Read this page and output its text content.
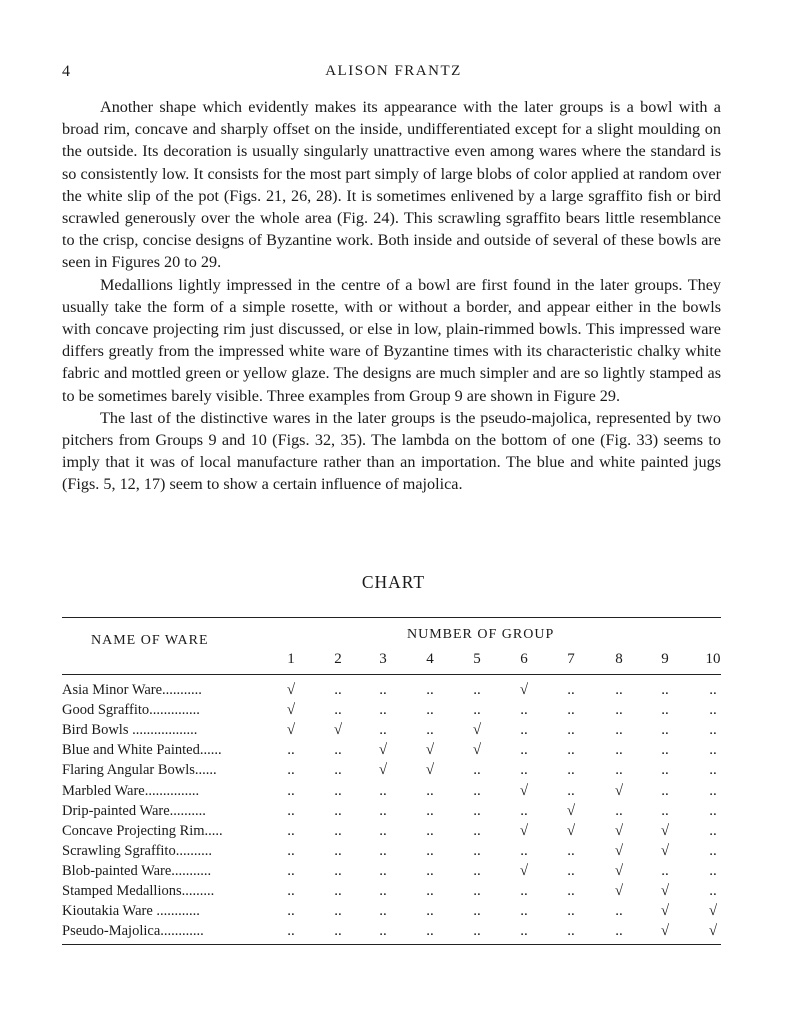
4	ALISON FRANTZ

Another shape which evidently makes its appearance with the later groups is a bowl with a broad rim, concave and sharply offset on the inside, undifferentiated except for a slight moulding on the outside. Its decoration is usually singularly unattractive even among wares where the standard is so consistently low. It consists for the most part simply of large blobs of color applied at random over the white slip of the pot (Figs. 21, 26, 28). It is sometimes enlivened by a large sgraffito fish or bird scrawled generously over the whole area (Fig. 24). This scrawling sgraffito bears little resemblance to the crisp, concise designs of Byzantine work. Both inside and outside of several of these bowls are seen in Figures 20 to 29.

Medallions lightly impressed in the centre of a bowl are first found in the later groups. They usually take the form of a simple rosette, with or without a border, and appear either in the bowls with concave projecting rim just discussed, or else in low, plain-rimmed bowls. This impressed ware differs greatly from the impressed white ware of Byzantine times with its characteristic chalky white fabric and mottled green or yellow glaze. The designs are much simpler and are so lightly stamped as to be sometimes barely visible. Three examples from Group 9 are shown in Figure 29.

The last of the distinctive wares in the later groups is the pseudo-majolica, represented by two pitchers from Groups 9 and 10 (Figs. 32, 35). The lambda on the bottom of one (Fig. 33) seems to imply that it was of local manufacture rather than an importation. The blue and white painted jugs (Figs. 5, 12, 17) seem to show a certain influence of majolica.

CHART
NAME OF WARE	NUMBER OF GROUP
1	2	3	4	5	6	7	8	9	10
Asia Minor Ware...........	√	..	..	..	..	√	..	..	..	..
Good Sgraffito..............	√	..	..	..	..	..	..	..	..	..
Bird Bowls ..................	√	√	..	..	√	..	..	..	..	..
Blue and White Painted......	..	..	√	√	√	..	..	..	..	..
Flaring Angular Bowls......	..	..	√	√	..	..	..	..	..	..
Marbled Ware...............	..	..	..	..	..	√	..	√	..	..
Drip-painted Ware..........	..	..	..	..	..	..	√	..	..	..
Concave Projecting Rim.....	..	..	..	..	..	√	√	√	√	..
Scrawling Sgraffito..........	..	..	..	..	..	..	..	√	√	..
Blob-painted Ware...........	..	..	..	..	..	√	..	√	..	..
Stamped Medallions.........	..	..	..	..	..	..	..	√	√	..
Kioutakia Ware ............	..	..	..	..	..	..	..	..	√	√
Pseudo-Majolica............	..	..	..	..	..	..	..	..	√	√
